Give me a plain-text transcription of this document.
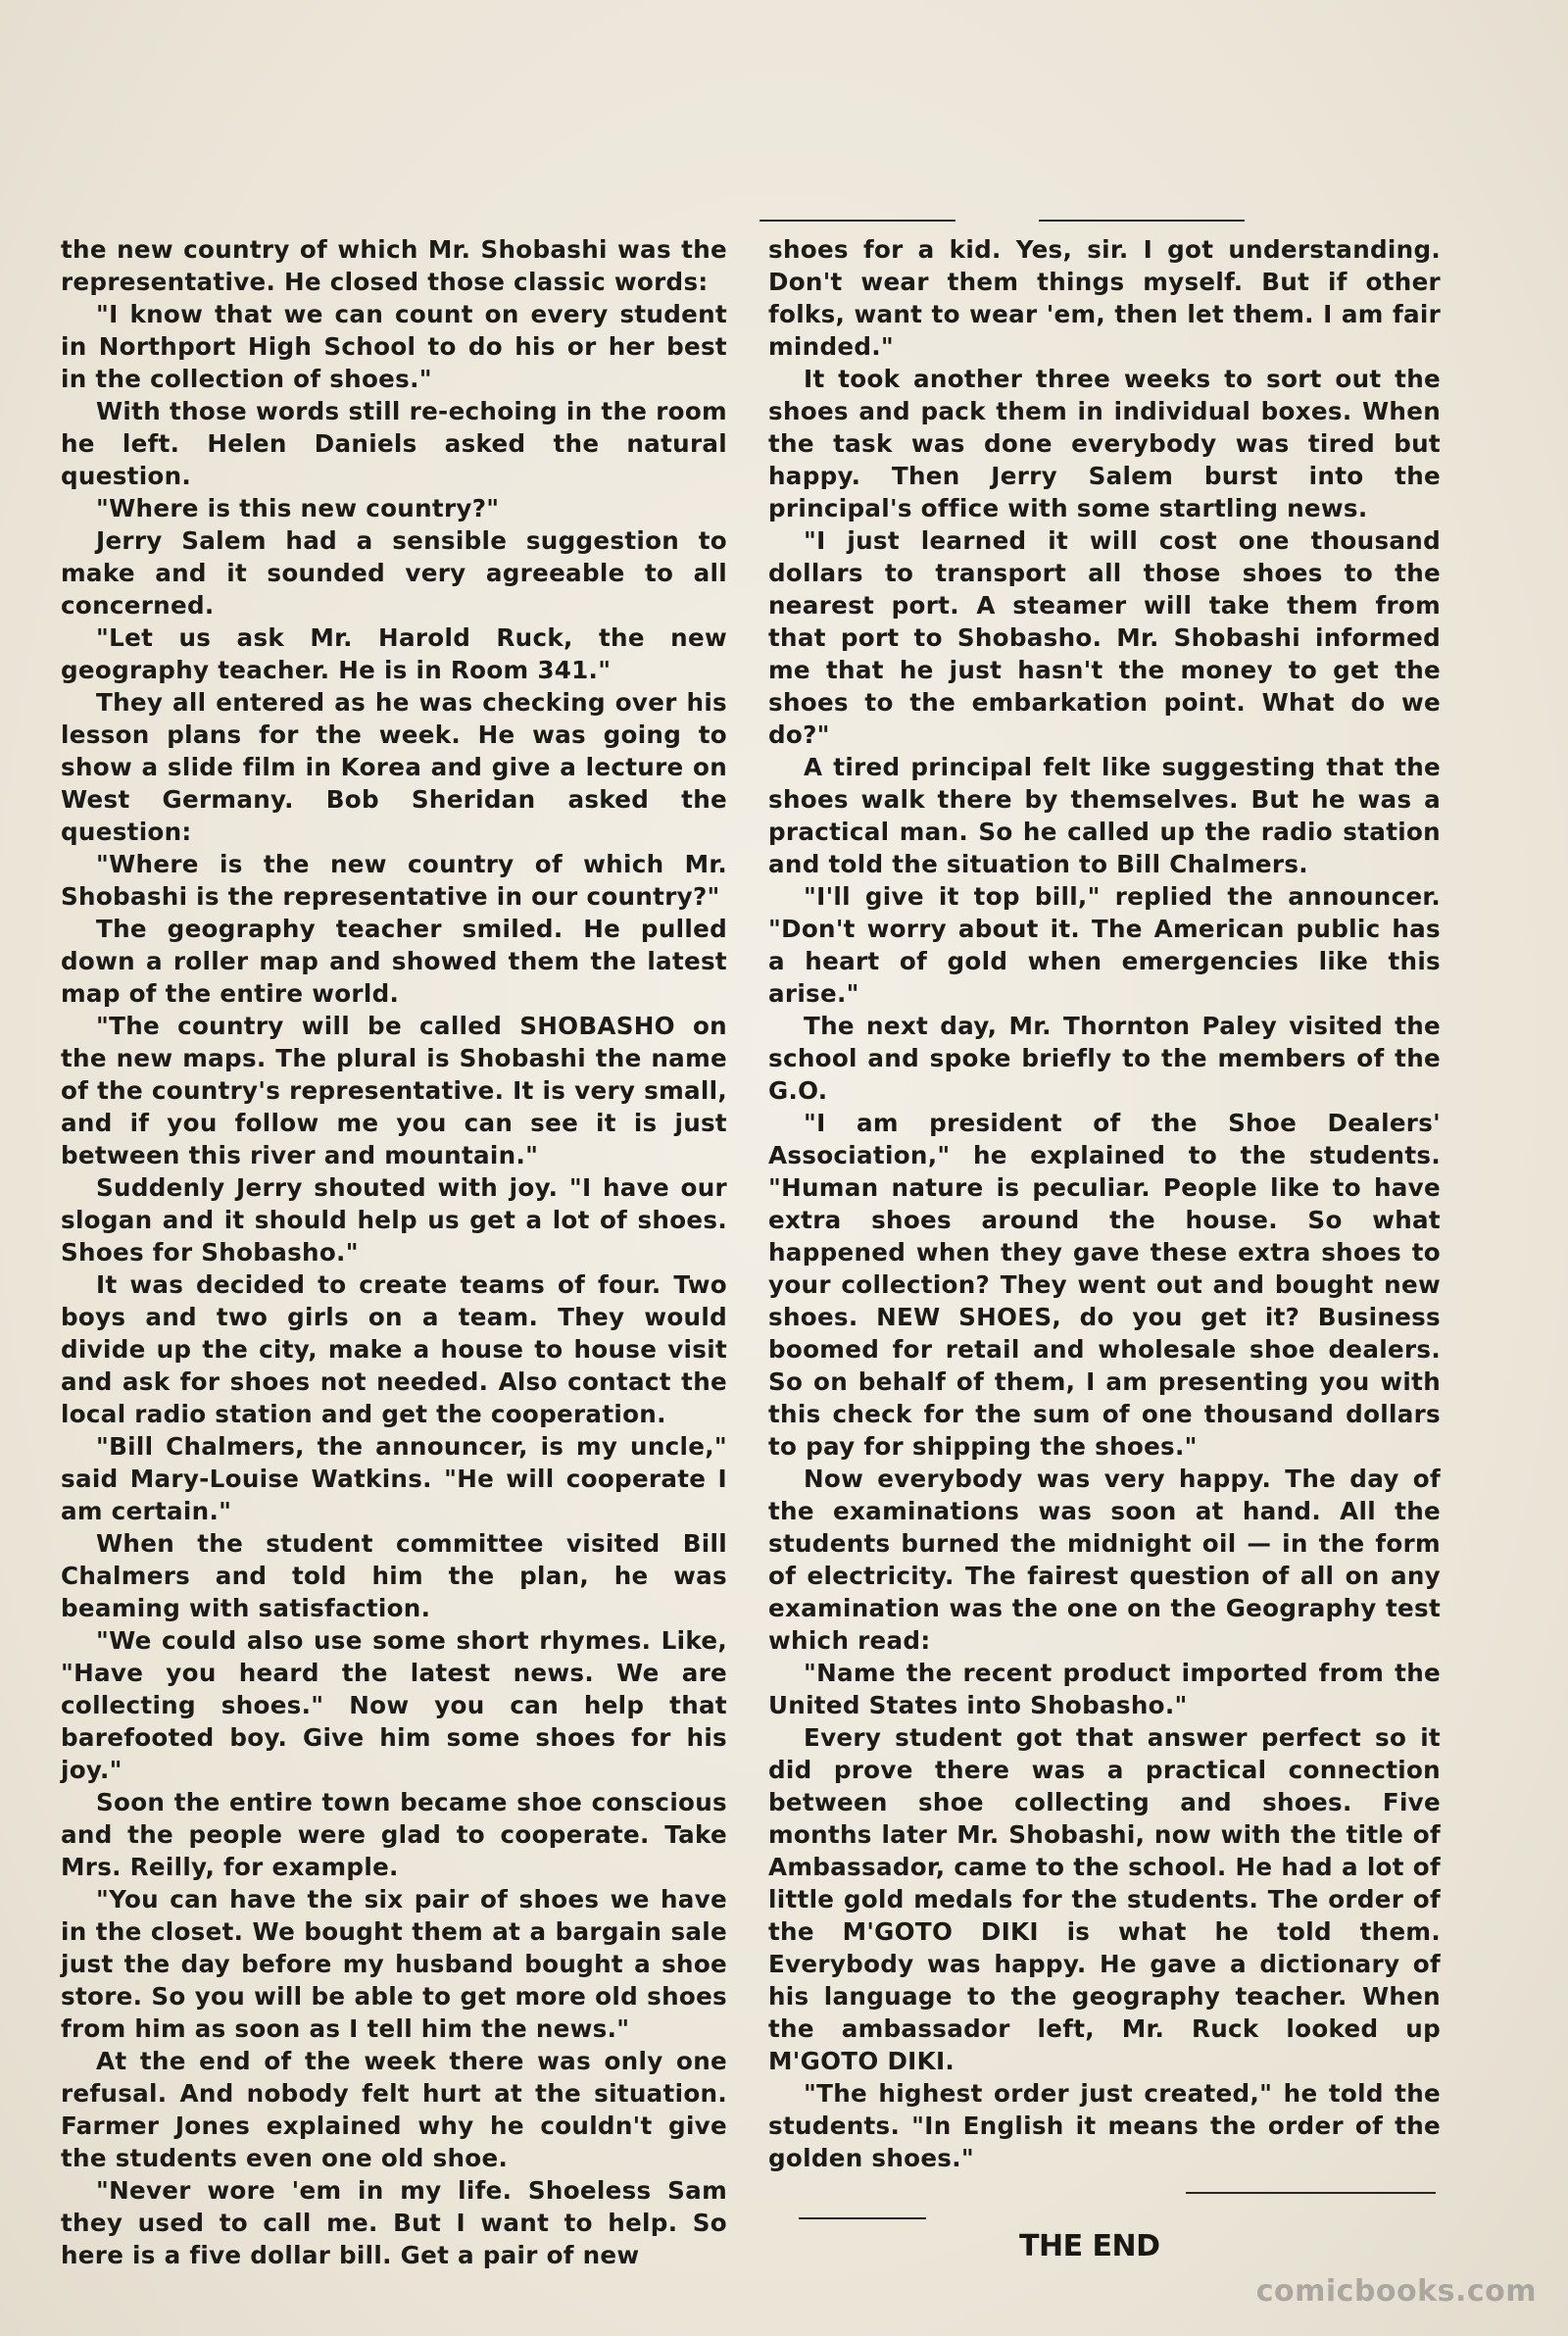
the new country of which Mr. Shobashi was the representative. He closed those classic words:

"I know that we can count on every student in Northport High School to do his or her best in the collection of shoes."

With those words still re-echoing in the room he left. Helen Daniels asked the natural question.

"Where is this new country?"

Jerry Salem had a sensible suggestion to make and it sounded very agreeable to all concerned.

"Let us ask Mr. Harold Ruck, the new geography teacher. He is in Room 341."

They all entered as he was checking over his lesson plans for the week. He was going to show a slide film in Korea and give a lecture on West Germany. Bob Sheridan asked the question:

"Where is the new country of which Mr. Shobashi is the representative in our country?"

The geography teacher smiled. He pulled down a roller map and showed them the latest map of the entire world.

"The country will be called SHOBASHO on the new maps. The plural is Shobashi the name of the country's representative. It is very small, and if you follow me you can see it is just between this river and mountain."

Suddenly Jerry shouted with joy. "I have our slogan and it should help us get a lot of shoes. Shoes for Shobasho."

It was decided to create teams of four. Two boys and two girls on a team. They would divide up the city, make a house to house visit and ask for shoes not needed. Also contact the local radio station and get the cooperation.

"Bill Chalmers, the announcer, is my uncle," said Mary-Louise Watkins. "He will cooperate I am certain."

When the student committee visited Bill Chalmers and told him the plan, he was beaming with satisfaction.

"We could also use some short rhymes. Like, "Have you heard the latest news. We are collecting shoes." Now you can help that barefooted boy. Give him some shoes for his joy."

Soon the entire town became shoe conscious and the people were glad to cooperate. Take Mrs. Reilly, for example.

"You can have the six pair of shoes we have in the closet. We bought them at a bargain sale just the day before my husband bought a shoe store. So you will be able to get more old shoes from him as soon as I tell him the news."

At the end of the week there was only one refusal. And nobody felt hurt at the situation. Farmer Jones explained why he couldn't give the students even one old shoe.

"Never wore 'em in my life. Shoeless Sam they used to call me. But I want to help. So here is a five dollar bill. Get a pair of new

shoes for a kid. Yes, sir. I got understanding. Don't wear them things myself. But if other folks, want to wear 'em, then let them. I am fair minded."

It took another three weeks to sort out the shoes and pack them in individual boxes. When the task was done everybody was tired but happy. Then Jerry Salem burst into the principal's office with some startling news.

"I just learned it will cost one thousand dollars to transport all those shoes to the nearest port. A steamer will take them from that port to Shobasho. Mr. Shobashi informed me that he just hasn't the money to get the shoes to the embarkation point. What do we do?"

A tired principal felt like suggesting that the shoes walk there by themselves. But he was a practical man. So he called up the radio station and told the situation to Bill Chalmers.

"I'll give it top bill," replied the announcer. "Don't worry about it. The American public has a heart of gold when emergencies like this arise."

The next day, Mr. Thornton Paley visited the school and spoke briefly to the members of the G.O.

"I am president of the Shoe Dealers' Association," he explained to the students. "Human nature is peculiar. People like to have extra shoes around the house. So what happened when they gave these extra shoes to your collection? They went out and bought new shoes. NEW SHOES, do you get it? Business boomed for retail and wholesale shoe dealers. So on behalf of them, I am presenting you with this check for the sum of one thousand dollars to pay for shipping the shoes."

Now everybody was very happy. The day of the examinations was soon at hand. All the students burned the midnight oil — in the form of electricity. The fairest question of all on any examination was the one on the Geography test which read:

"Name the recent product imported from the United States into Shobasho."

Every student got that answer perfect so it did prove there was a practical connection between shoe collecting and shoes. Five months later Mr. Shobashi, now with the title of Ambassador, came to the school. He had a lot of little gold medals for the students. The order of the M'GOTO DIKI is what he told them. Everybody was happy. He gave a dictionary of his language to the geography teacher. When the ambassador left, Mr. Ruck looked up M'GOTO DIKI.

"The highest order just created," he told the students. "In English it means the order of the golden shoes."

THE END
comicbooks.com
